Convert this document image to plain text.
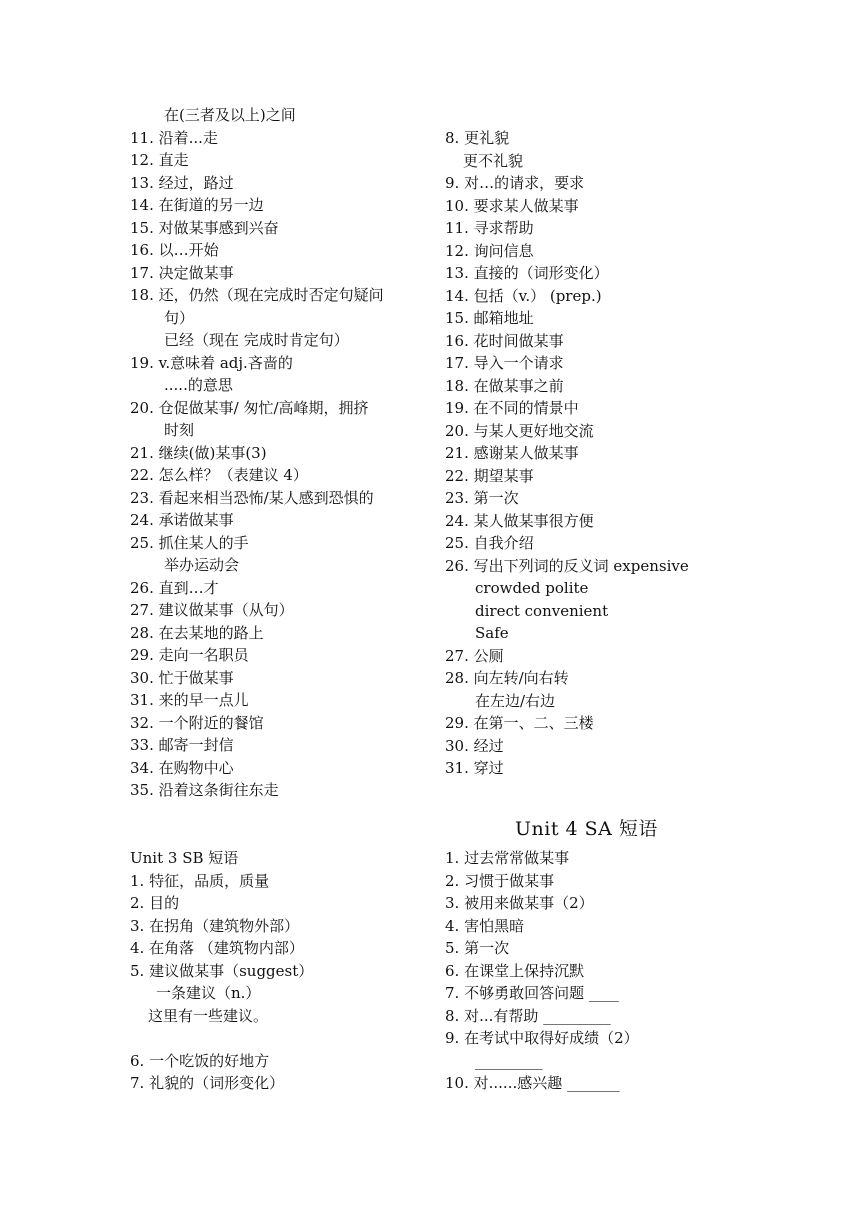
在(三者及以上)之间
11. 沿着...走
12. 直走
13. 经过，路过
14. 在街道的另一边
15. 对做某事感到兴奋
16. 以…开始
17. 决定做某事
18. 还，仍然（现在完成时否定句疑问
句）
已经（现在 完成时肯定句）
19. v.意味着 adj.吝啬的
.....的意思
20. 仓促做某事/ 匆忙/高峰期，拥挤
时刻
21. 继续(做)某事(3)
22. 怎么样？（表建议 4）
23. 看起来相当恐怖/某人感到恐惧的
24. 承诺做某事
25. 抓住某人的手
举办运动会
26. 直到…才
27. 建议做某事（从句）
28. 在去某地的路上
29. 走向一名职员
30. 忙于做某事
31. 来的早一点儿
32. 一个附近的餐馆
33. 邮寄一封信
34. 在购物中心
35. 沿着这条街往东走
8. 更礼貌
更不礼貌
9. 对…的请求，要求
10. 要求某人做某事
11. 寻求帮助
12. 询问信息
13. 直接的（词形变化）
14. 包括（v.） (prep.)
15. 邮箱地址
16. 花时间做某事
17. 导入一个请求
18. 在做某事之前
19. 在不同的情景中
20. 与某人更好地交流
21. 感谢某人做某事
22. 期望某事
23. 第一次
24. 某人做某事很方便
25. 自我介绍
26. 写出下列词的反义词 expensive
crowded polite
direct convenient
Safe
27. 公厕
28. 向左转/向右转
在左边/右边
29. 在第一、二、三楼
30. 经过
31. 穿过
Unit 4 SA 短语
Unit 3 SB 短语
1. 特征，品质，质量
2. 目的
3. 在拐角（建筑物外部）
4. 在角落 （建筑物内部）
5. 建议做某事（suggest）
一条建议（n.）
这里有一些建议。
6. 一个吃饭的好地方
7. 礼貌的（词形变化）
1. 过去常常做某事
2. 习惯于做某事
3. 被用来做某事（2）
4. 害怕黑暗
5. 第一次
6. 在课堂上保持沉默
7. 不够勇敢回答问题 ____
8. 对...有帮助 _________
9. 在考试中取得好成绩（2）
_________
10. 对......感兴趣 _______
